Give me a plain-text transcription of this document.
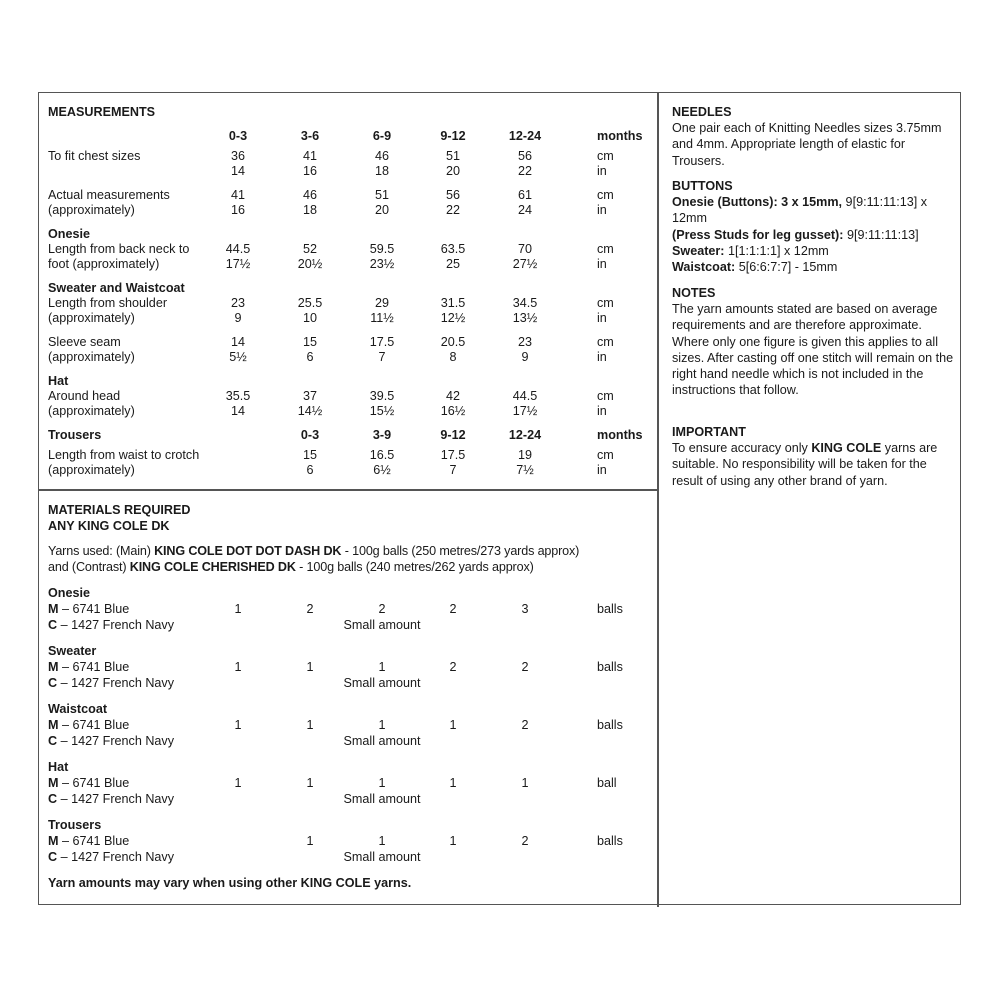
MEASUREMENTS
0-3	3-6	6-9	9-12	12-24	months
To fit chest sizes	36	41	46	51	56	cm
14	16	18	20	22	in
Actual measurements	41	46	51	56	61	cm
(approximately)	16	18	20	22	24	in
Onesie
Length from back neck to	44.5	52	59.5	63.5	70	cm
foot (approximately)	17½	20½	23½	25	27½	in
Sweater and Waistcoat
Length from shoulder	23	25.5	29	31.5	34.5	cm
(approximately)	9	10	11½	12½	13½	in
Sleeve seam	14	15	17.5	20.5	23	cm
(approximately)	5½	6	7	8	9	in
Hat
Around head	35.5	37	39.5	42	44.5	cm
(approximately)	14	14½	15½	16½	17½	in
Trousers	0-3	3-9	9-12	12-24	months
Length from waist to crotch	15	16.5	17.5	19	cm
(approximately)	6	6½	7	7½	in
MATERIALS REQUIRED
ANY KING COLE DK
Yarns used: (Main) KING COLE DOT DOT DASH DK - 100g balls (250 metres/273 yards approx)
and (Contrast) KING COLE CHERISHED DK - 100g balls (240 metres/262 yards approx)
Onesie
M – 6741 Blue	1	2	2	2	3	balls
C – 1427 French Navy	Small amount
Sweater
M – 6741 Blue	1	1	1	2	2	balls
C – 1427 French Navy	Small amount
Waistcoat
M – 6741 Blue	1	1	1	1	2	balls
C – 1427 French Navy	Small amount
Hat
M – 6741 Blue	1	1	1	1	1	ball
C – 1427 French Navy	Small amount
Trousers
M – 6741 Blue	1	1	1	2	balls
C – 1427 French Navy	Small amount
Yarn amounts may vary when using other KING COLE yarns.

NEEDLES

One pair each of Knitting Needles sizes 3.75mm and 4mm. Appropriate length of elastic for Trousers.

BUTTONS

Onesie (Buttons): 3 x 15mm, 9[9:11:11:13] x 12mm

(Press Studs for leg gusset): 9[9:11:11:13]

Sweater: 1[1:1:1:1] x 12mm

Waistcoat: 5[6:6:7:7] - 15mm

NOTES

The yarn amounts stated are based on average requirements and are therefore approximate. Where only one figure is given this applies to all sizes. After casting off one stitch will remain on the right hand needle which is not included in the instructions that follow.

IMPORTANT

To ensure accuracy only KING COLE yarns are suitable. No responsibility will be taken for the result of using any other brand of yarn.
